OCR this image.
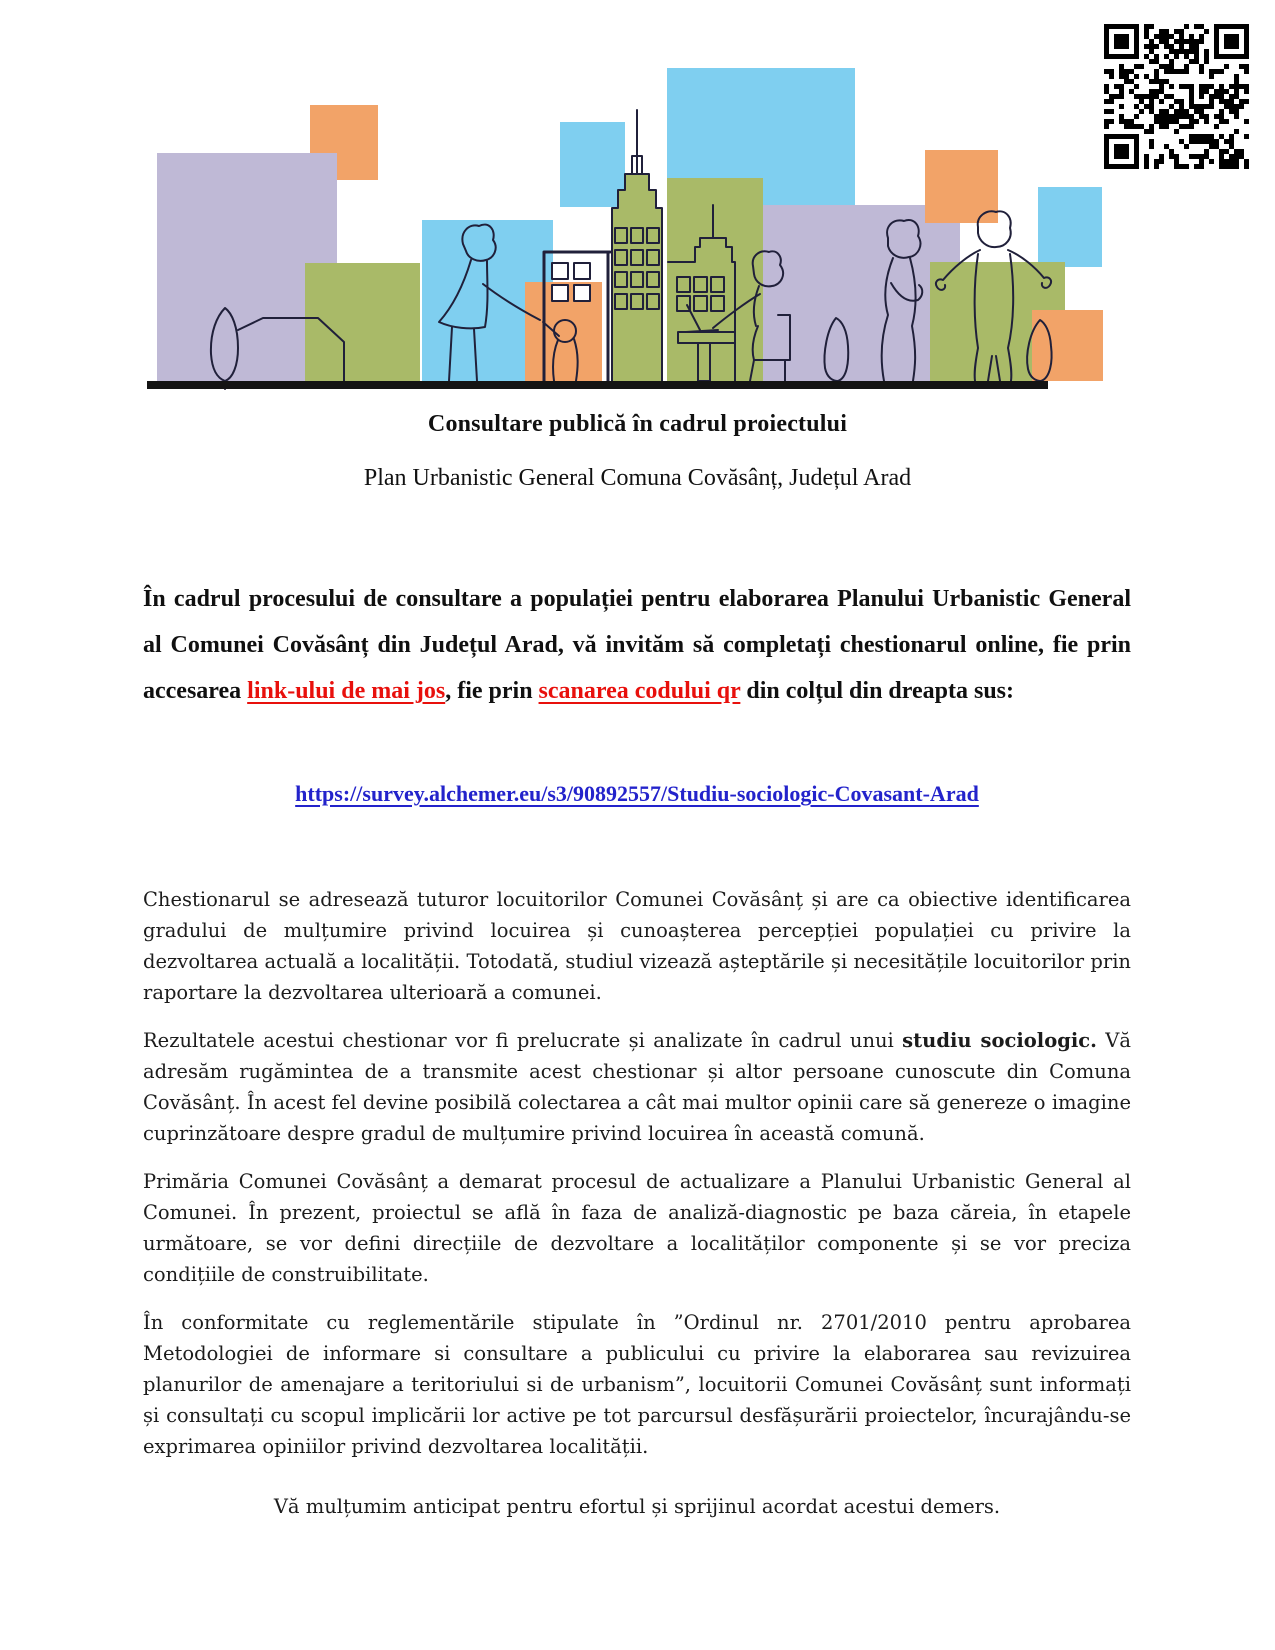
Consultare publică în cadrul proiectului
Plan Urbanistic General Comuna Covăsânț, Județul Arad
În cadrul procesului de consultare a populației pentru elaborarea Planului Urbanistic General al Comunei Covăsânț din Județul Arad, vă invităm să completați chestionarul online, fie prin accesarea link-ului de mai jos, fie prin scanarea codului qr din colțul din dreapta sus:
https://survey.alchemer.eu/s3/90892557/Studiu-sociologic-Covasant-Arad

Chestionarul se adresează tuturor locuitorilor Comunei Covăsânț și are ca obiective identificarea gradului de mulțumire privind locuirea și cunoașterea percepției populației cu privire la dezvoltarea actuală a localității. Totodată, studiul vizează așteptările și necesitățile locuitorilor prin raportare la dezvoltarea ulterioară a comunei.

Rezultatele acestui chestionar vor fi prelucrate și analizate în cadrul unui studiu sociologic. Vă adresăm rugămintea de a transmite acest chestionar și altor persoane cunoscute din Comuna Covăsânț. În acest fel devine posibilă colectarea a cât mai multor opinii care să genereze o imagine cuprinzătoare despre gradul de mulțumire privind locuirea în această comună.

Primăria Comunei Covăsânț a demarat procesul de actualizare a Planului Urbanistic General al Comunei. În prezent, proiectul se află în faza de analiză-diagnostic pe baza căreia, în etapele următoare, se vor defini direcțiile de dezvoltare a localităților componente și se vor preciza condițiile de construibilitate.

În conformitate cu reglementările stipulate în ”Ordinul nr. 2701/2010 pentru aprobarea Metodologiei de informare si consultare a publicului cu privire la elaborarea sau revizuirea planurilor de amenajare a teritoriului si de urbanism”, locuitorii Comunei Covăsânț sunt informați și consultați cu scopul implicării lor active pe tot parcursul desfășurării proiectelor, încurajându-se exprimarea opiniilor privind dezvoltarea localității.

Vă mulțumim anticipat pentru efortul și sprijinul acordat acestui demers.
